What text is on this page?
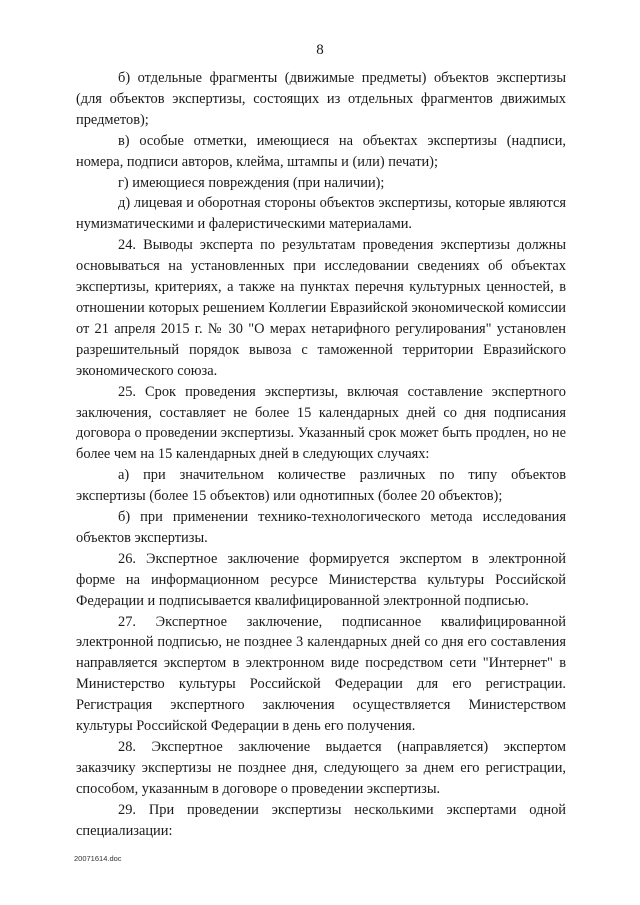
8

б) отдельные фрагменты (движимые предметы) объектов экспертизы (для объектов экспертизы, состоящих из отдельных фрагментов движимых предметов);

в) особые отметки, имеющиеся на объектах экспертизы (надписи, номера, подписи авторов, клейма, штампы и (или) печати);

г) имеющиеся повреждения (при наличии);

д) лицевая и оборотная стороны объектов экспертизы, которые являются нумизматическими и фалеристическими материалами.

24. Выводы эксперта по результатам проведения экспертизы должны основываться на установленных при исследовании сведениях об объектах экспертизы, критериях, а также на пунктах перечня культурных ценностей, в отношении которых решением Коллегии Евразийской экономической комиссии от 21 апреля 2015 г. № 30 "О мерах нетарифного регулирования" установлен разрешительный порядок вывоза с таможенной территории Евразийского экономического союза.

25. Срок проведения экспертизы, включая составление экспертного заключения, составляет не более 15 календарных дней со дня подписания договора о проведении экспертизы. Указанный срок может быть продлен, но не более чем на 15 календарных дней в следующих случаях:

а) при значительном количестве различных по типу объектов экспертизы (более 15 объектов) или однотипных (более 20 объектов);

б) при применении технико-технологического метода исследования объектов экспертизы.

26. Экспертное заключение формируется экспертом в электронной форме на информационном ресурсе Министерства культуры Российской Федерации и подписывается квалифицированной электронной подписью.

27. Экспертное заключение, подписанное квалифицированной электронной подписью, не позднее 3 календарных дней со дня его составления направляется экспертом в электронном виде посредством сети "Интернет" в Министерство культуры Российской Федерации для его регистрации. Регистрация экспертного заключения осуществляется Министерством культуры Российской Федерации в день его получения.

28. Экспертное заключение выдается (направляется) экспертом заказчику экспертизы не позднее дня, следующего за днем его регистрации, способом, указанным в договоре о проведении экспертизы.

29. При проведении экспертизы несколькими экспертами одной специализации:

20071614.doc
